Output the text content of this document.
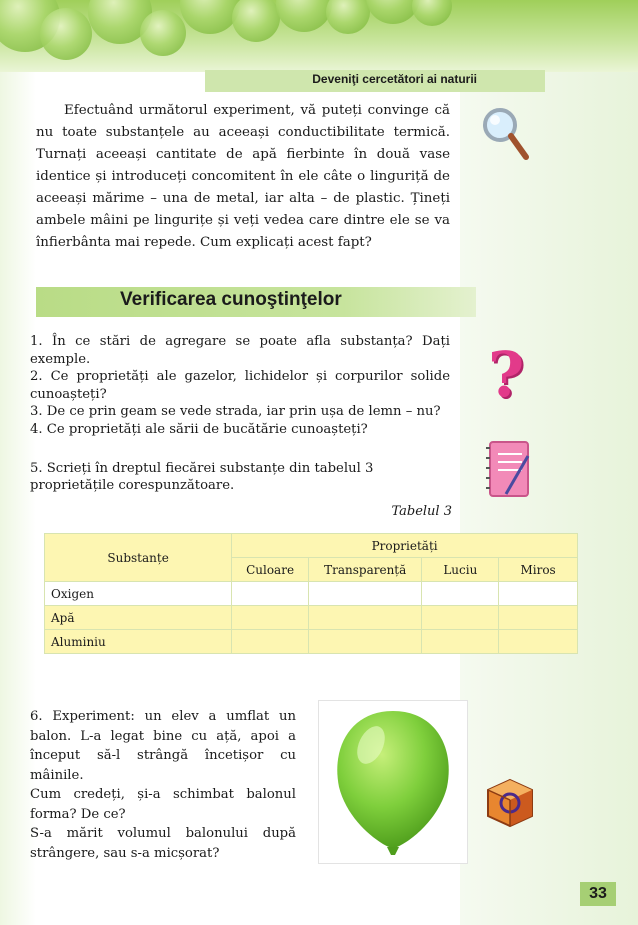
Deveniţi cercetători ai naturii
Efectuând următorul experiment, vă puteți convinge că nu toate substanțele au aceeași conductibilitate termică. Turnați aceeași cantitate de apă fierbinte în două vase identice și introduceți concomitent în ele câte o linguriță de aceeași mărime – una de metal, iar alta – de plastic. Țineți ambele mâini pe lingurițe și veți vedea care dintre ele se va înfierbânta mai repede. Cum explicați acest fapt?
Verificarea cunoştinţelor
1. În ce stări de agregare se poate afla substanța? Dați exemple.
2. Ce proprietăți ale gazelor, lichidelor și corpurilor solide cunoașteți?
3. De ce prin geam se vede strada, iar prin ușa de lemn – nu?
4. Ce proprietăți ale sării de bucătărie cunoașteți?
?
5. Scrieți în dreptul fiecărei substanțe din tabelul 3 proprietățile corespunzătoare.
Tabelul 3
Substanțe	Proprietăți			
	Culoare	Transparență	Luciu	Miros
Oxigen				
Apă				
Aluminiu				
6. Experiment: un elev a umflat un balon. L-a legat bine cu ață, apoi a început să-l strângă încetișor cu mâinile.
Cum credeți, și-a schimbat balonul forma? De ce?
S-a mărit volumul balonului după strângere, sau s-a micșorat?
33
